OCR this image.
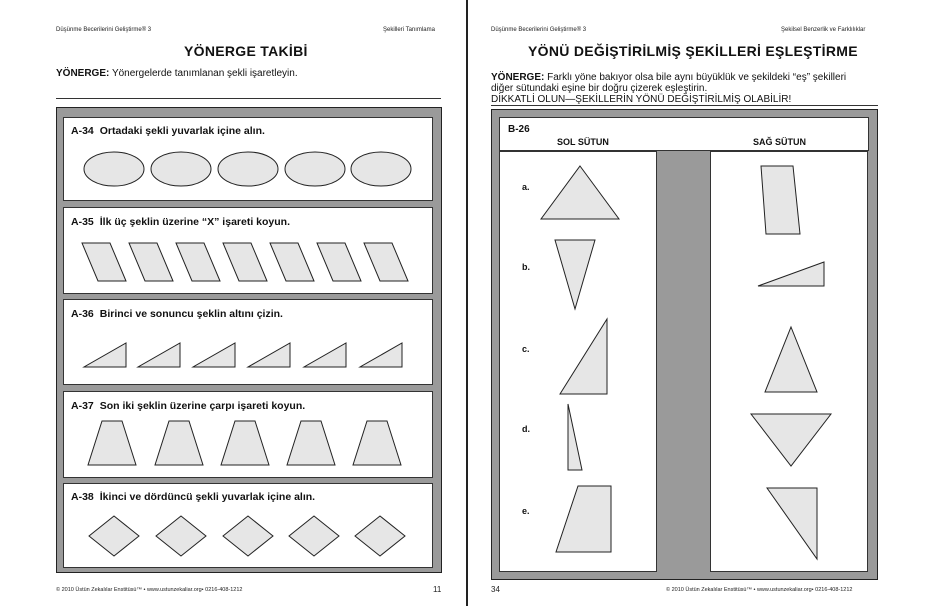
Düşünme Becerilerini Geliştirme® 3	Şekilleri Tanımlama
YÖNERGE TAKİBİ
YÖNERGE: Yönergelerde tanımlanan şekli işaretleyin.
A-34 Ortadaki şekli yuvarlak içine alın.
A-35 İlk üç şeklin üzerine “X” işareti koyun.
A-36 Birinci ve sonuncu şeklin altını çizin.
A-37 Son iki şeklin üzerine çarpı işareti koyun.
A-38 İkinci ve dördüncü şekli yuvarlak içine alın.
© 2010 Üstün Zekalılar Enstitüsü™ • www.ustunzekaliar.org• 0216-408-1212	11
Düşünme Becerilerini Geliştirme® 3	Şekilsel Benzerlik ve Farklılıklar
YÖNÜ DEĞİŞTİRİLMİŞ ŞEKİLLERİ EŞLEŞTİRME
YÖNERGE: Farklı yöne bakıyor olsa bile aynı büyüklük ve şekildeki “eş” şekilleri
diğer sütundaki eşine bir doğru çizerek eşleştirin.
DİKKATLİ OLUN—ŞEKİLLERİN YÖNÜ DEĞİŞTİRİLMİŞ OLABİLİR!
B-26
SOL SÜTUN	SAĞ SÜTUN
a.
b.
c.
d.
e.
34	© 2010 Üstün Zekalılar Enstitüsü™ • www.ustunzekaliar.org• 0216-408-1212
